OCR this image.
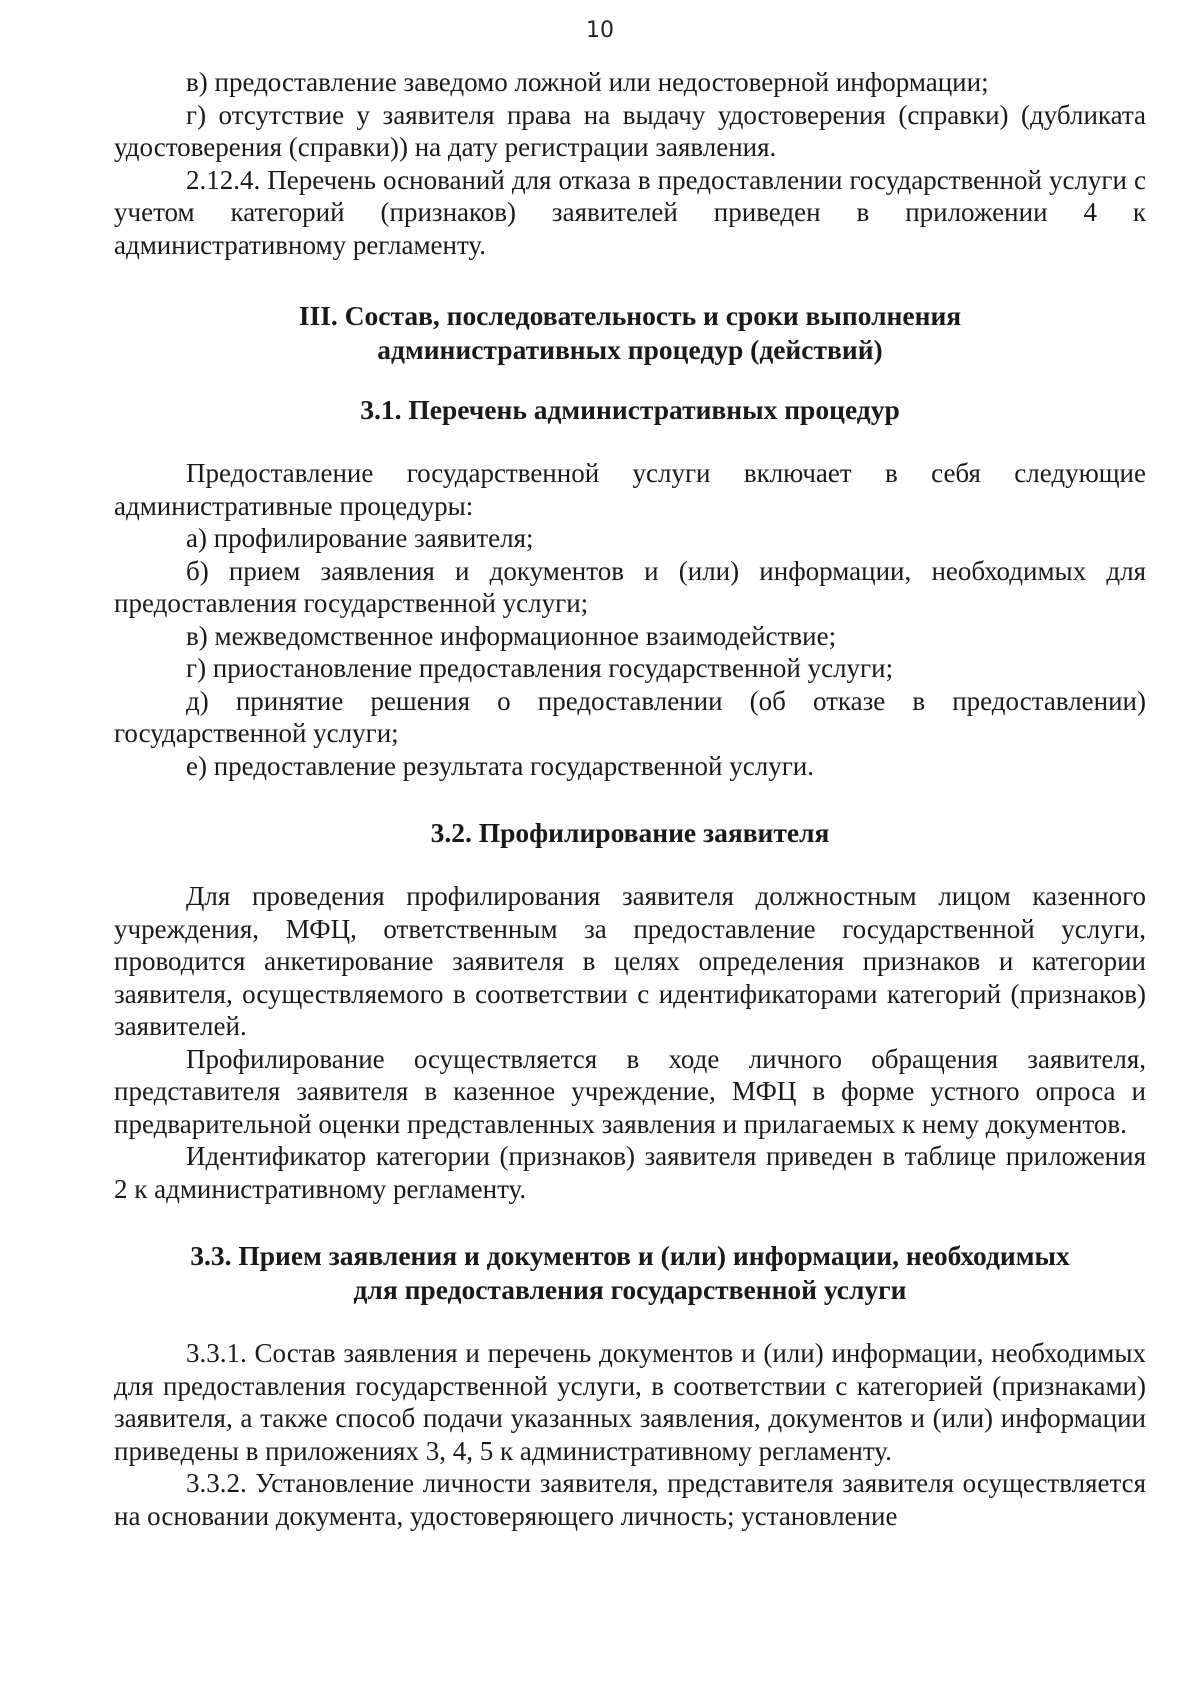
10

в) предоставление заведомо ложной или недостоверной информации;

г) отсутствие у заявителя права на выдачу удостоверения (справки) (дубликата удостоверения (справки)) на дату регистрации заявления.

2.12.4. Перечень оснований для отказа в предоставлении государственной услуги с учетом категорий (признаков) заявителей приведен в приложении 4 к административному регламенту.

III. Состав, последовательность и сроки выполнения
административных процедур (действий)
3.1. Перечень административных процедур

Предоставление государственной услуги включает в себя следующие административные процедуры:

а) профилирование заявителя;

б) прием заявления и документов и (или) информации, необходимых для предоставления государственной услуги;

в) межведомственное информационное взаимодействие;

г) приостановление предоставления государственной услуги;

д) принятие решения о предоставлении (об отказе в предоставлении) государственной услуги;

е) предоставление результата государственной услуги.

3.2. Профилирование заявителя

Для проведения профилирования заявителя должностным лицом казенного учреждения, МФЦ, ответственным за предоставление государственной услуги, проводится анкетирование заявителя в целях определения признаков и категории заявителя, осуществляемого в соответствии с идентификаторами категорий (признаков) заявителей.

Профилирование осуществляется в ходе личного обращения заявителя, представителя заявителя в казенное учреждение, МФЦ в форме устного опроса и предварительной оценки представленных заявления и прилагаемых к нему документов.

Идентификатор категории (признаков) заявителя приведен в таблице приложения 2 к административному регламенту.

3.3. Прием заявления и документов и (или) информации, необходимых
для предоставления государственной услуги

3.3.1. Состав заявления и перечень документов и (или) информации, необходимых для предоставления государственной услуги, в соответствии с категорией (признаками) заявителя, а также способ подачи указанных заявления, документов и (или) информации приведены в приложениях 3, 4, 5 к административному регламенту.

3.3.2. Установление личности заявителя, представителя заявителя осуществляется на основании документа, удостоверяющего личность; установление
